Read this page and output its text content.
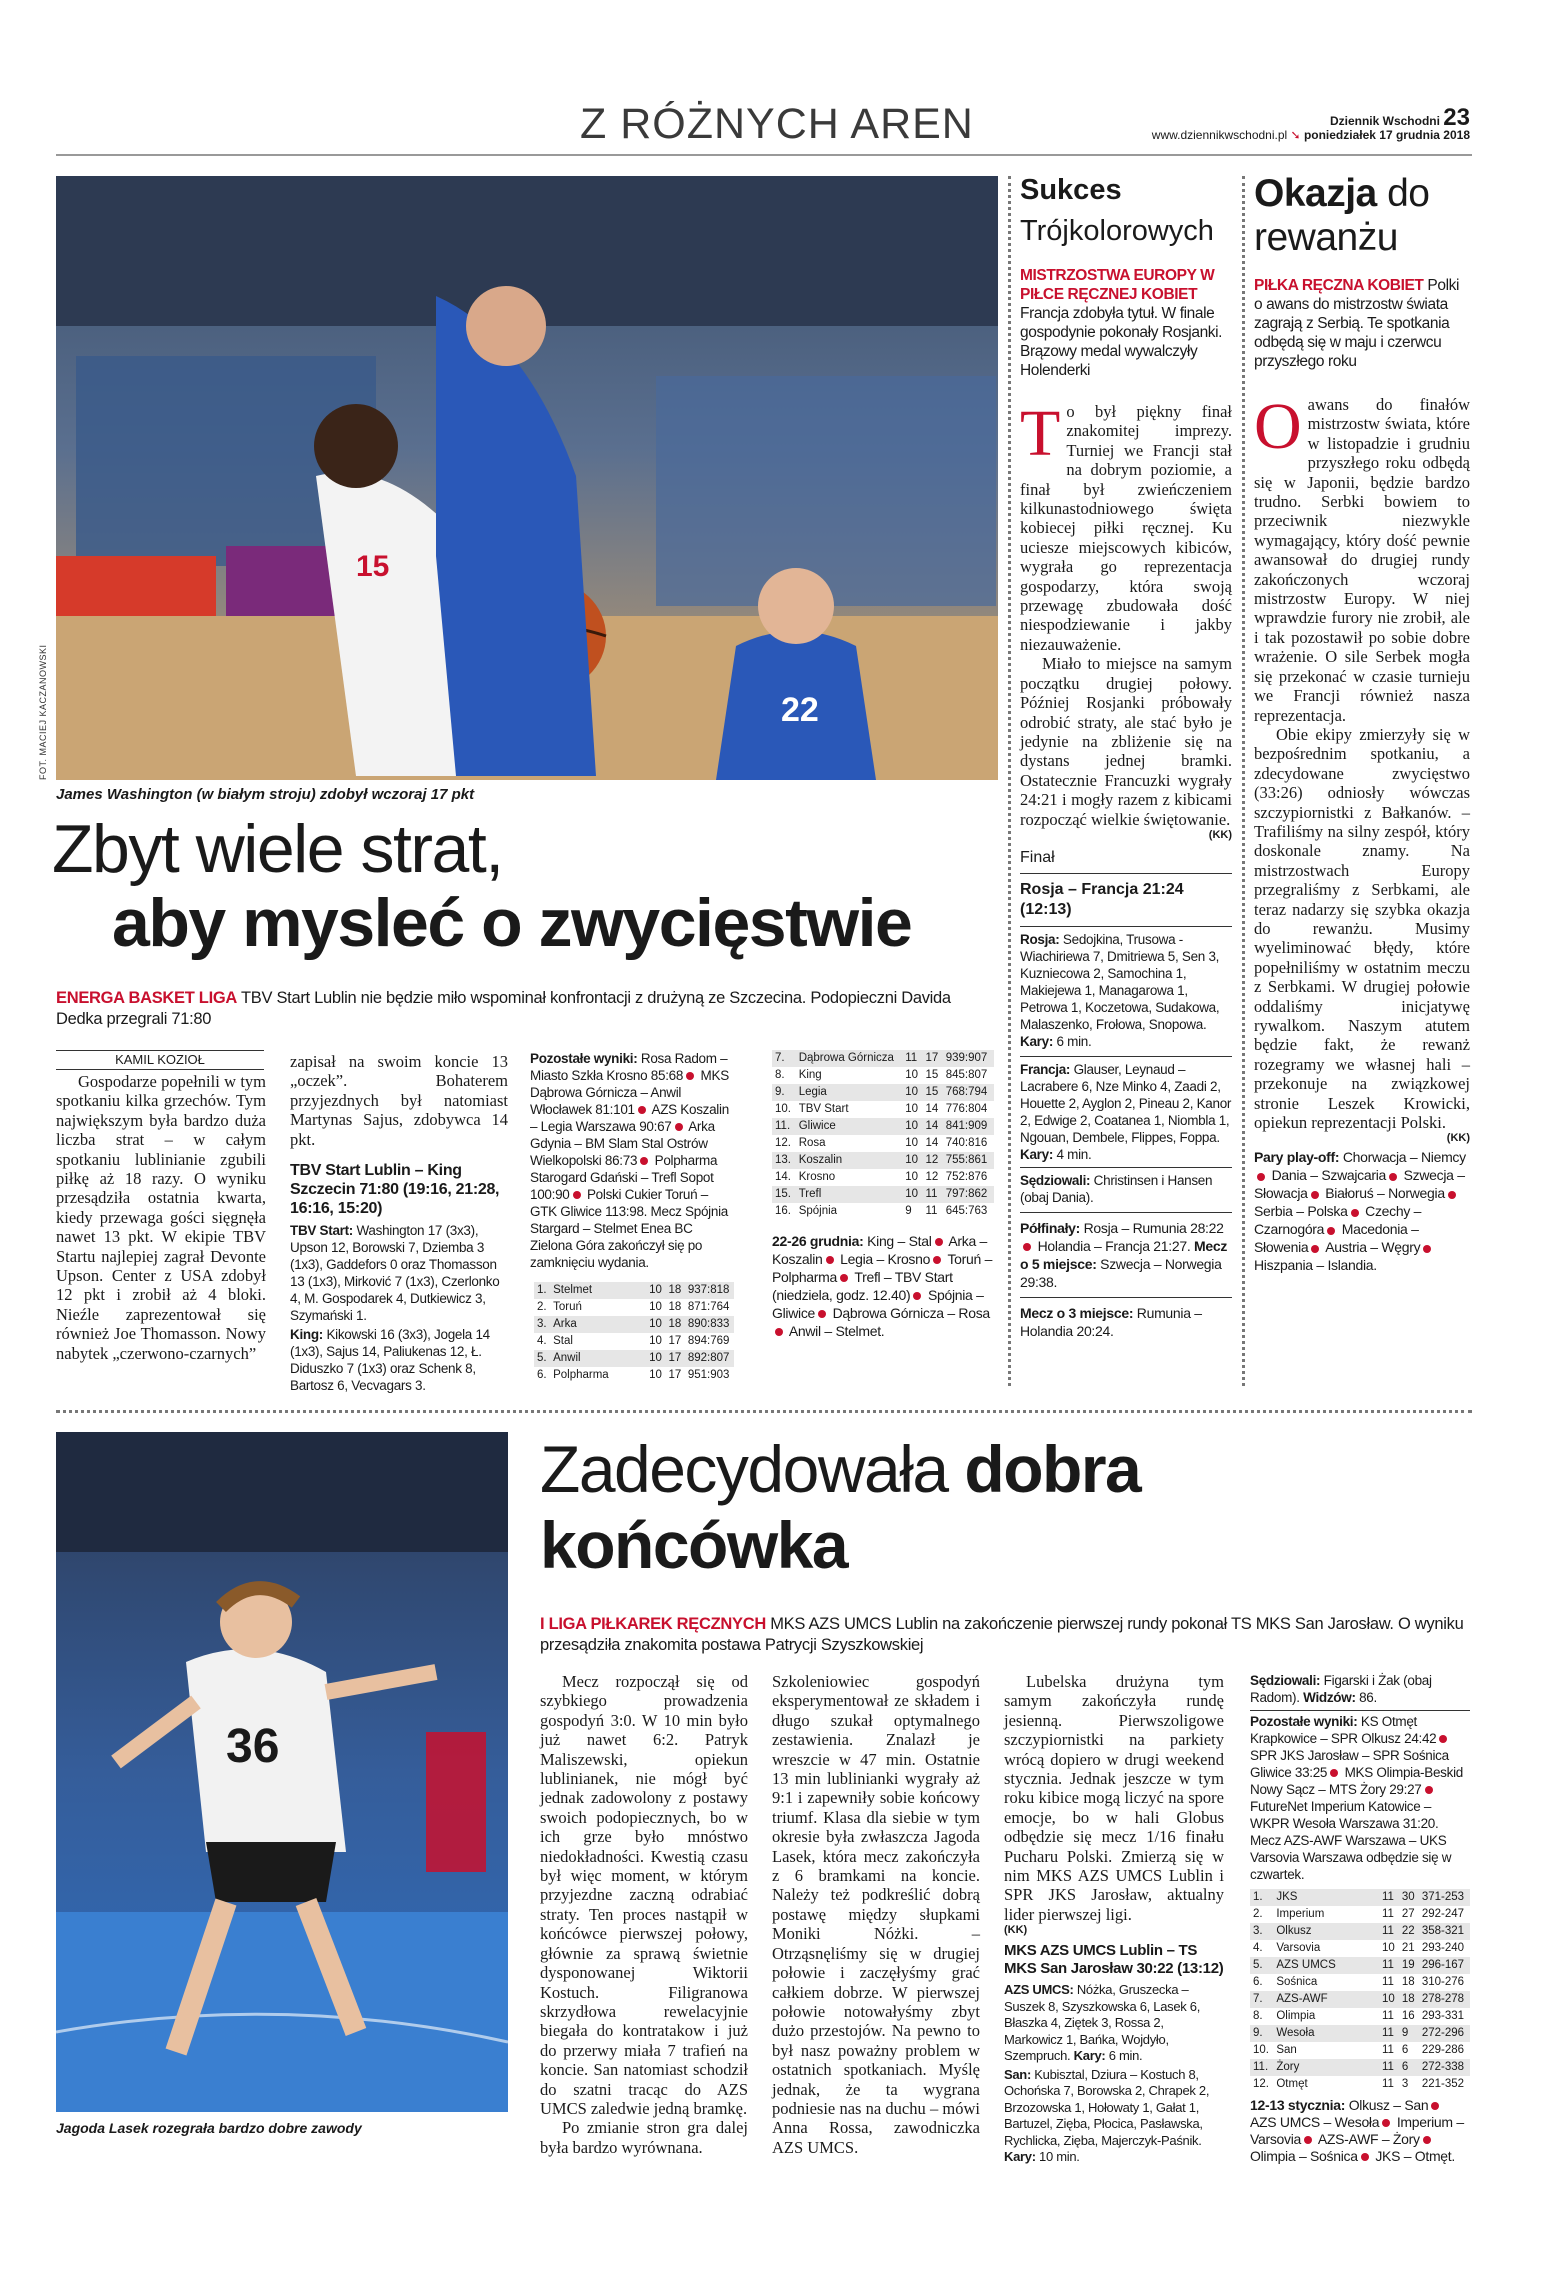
Z RÓŻNYCH AREN	Dziennik Wschodni 23
www.dziennikwschodni.pl ➘ poniedziałek 17 grudnia 2018
22
15
FOT. MACIEJ KACZANOWSKI
James Washington (w białym stroju) zdobył wczoraj 17 pkt
Zbyt wiele strat,
aby mysleć o zwycięstwie
ENERGA BASKET LIGA TBV Start Lublin nie będzie miło wspominał konfrontacji z drużyną ze Szczecina. Podopieczni Davida Dedka przegrali 71:80
KAMIL KOZIOŁ

Gospodarze popełnili w tym spotkaniu kilka grzechów. Tym największym była bardzo duża liczba strat – w całym spotkaniu lublinianie zgubili piłkę aż 18 razy. O wyniku przesądziła ostatnia kwarta, kiedy przewaga gości sięgnęła nawet 13 pkt. W ekipie TBV Startu najlepiej zagrał Devonte Upson. Center z USA zdobył 12 pkt i zrobił aż 4 bloki. Nieźle zaprezentował się również Joe Thomasson. Nowy nabytek „czerwono-czarnych”

zapisał na swoim koncie 13 „oczek”. Bohaterem przyjezdnych był natomiast Martynas Sajus, zdobywca 14 pkt.

TBV Start Lublin – King Szczecin 71:80 (19:16, 21:28, 16:16, 15:20)
TBV Start: Washington 17 (3x3), Upson 12, Borowski 7, Dziemba 3 (1x3), Gaddefors 0 oraz Thomasson 13 (1x3), Mirković 7 (1x3), Czerlonko 4, M. Gospodarek 4, Dutkiewicz 3, Szymański 1.
King: Kikowski 16 (3x3), Jogela 14 (1x3), Sajus 14, Paliukenas 12, Ł. Diduszko 7 (1x3) oraz Schenk 8, Bartosz 6, Vecvagars 3.
Pozostałe wyniki: Rosa Radom – Miasto Szkła Krosno 85:68 MKS Dąbrowa Górnicza – Anwil Włocławek 81:101 AZS Koszalin – Legia Warszawa 90:67 Arka Gdynia – BM Slam Stal Ostrów Wielkopolski 86:73 Polpharma Starogard Gdański – Trefl Sopot 100:90 Polski Cukier Toruń – GTK Gliwice 113:98. Mecz Spójnia Stargard – Stelmet Enea BC Zielona Góra zakończył się po zamknięciu wydania.
1.	Stelmet	10	18	937:818
2.	Toruń	10	18	871:764
3.	Arka	10	18	890:833
4.	Stal	10	17	894:769
5.	Anwil	10	17	892:807
6.	Polpharma	10	17	951:903
7.	Dąbrowa Górnicza	11	17	939:907
8.	King	10	15	845:807
9.	Legia	10	15	768:794
10.	TBV Start	10	14	776:804
11.	Gliwice	10	14	841:909
12.	Rosa	10	14	740:816
13.	Koszalin	10	12	755:861
14.	Krosno	10	12	752:876
15.	Trefl	10	11	797:862
16.	Spójnia	9	11	645:763
22-26 grudnia: King – Stal Arka – Koszalin Legia – Krosno Toruń – Polpharma Trefl – TBV Start (niedziela, godz. 12.40) Spójnia – Gliwice Dąbrowa Górnicza – Rosa Anwil – Stelmet.
Sukces
Trójkolorowych
MISTRZOSTWA EUROPY W PIŁCE RĘCZNEJ KOBIET Francja zdobyła tytuł. W finale gospodynie pokonały Rosjanki. Brązowy medal wywalczyły Holenderki

To był piękny finał znakomitej imprezy. Turniej we Francji stał na dobrym poziomie, a finał był zwieńczeniem kilkunastodniowego święta kobiecej piłki ręcznej. Ku uciesze miejscowych kibiców, wygrała go reprezentacja gospodarzy, która swoją przewagę zbudowała dość niespodziewanie i jakby niezauważenie.

Miało to miejsce na samym początku drugiej połowy. Później Rosjanki próbowały odrobić straty, ale stać było je jedynie na zbliżenie się na dystans jednej bramki. Ostatecznie Francuzki wygrały 24:21 i mogły razem z kibicami rozpocząć wielkie świętowanie.

(KK)
Finał
Rosja – Francja 21:24 (12:13)
Rosja: Sedojkina, Trusowa - Wiachiriewa 7, Dmitriewa 5, Sen 3, Kuzniecowa 2, Samochina 1, Makiejewa 1, Managarowa 1, Petrowa 1, Koczetowa, Sudakowa, Malaszenko, Frołowa, Snopowa. Kary: 6 min.
Francja: Glauser, Leynaud – Lacrabere 6, Nze Minko 4, Zaadi 2, Houette 2, Ayglon 2, Pineau 2, Kanor 2, Edwige 2, Coatanea 1, Niombla 1, Ngouan, Dembele, Flippes, Foppa. Kary: 4 min.
Sędziowali: Christinsen i Hansen (obaj Dania).
Półfinały: Rosja – Rumunia 28:22 Holandia – Francja 21:27. Mecz o 5 miejsce: Szwecja – Norwegia 29:38.
Mecz o 3 miejsce: Rumunia – Holandia 20:24.
Okazja do rewanżu
PIŁKA RĘCZNA KOBIET Polki o awans do mistrzostw świata zagrają z Serbią. Te spotkania odbędą się w maju i czerwcu przyszłego roku

Oawans do finałów mistrzostw świata, które w listopadzie i grudniu przyszłego roku odbędą się w Japonii, będzie bardzo trudno. Serbki bowiem to przeciwnik niezwykle wymagający, który dość pewnie awansował do drugiej rundy zakończonych wczoraj mistrzostw Europy. W niej wprawdzie furory nie zrobił, ale i tak pozostawił po sobie dobre wrażenie. O sile Serbek mogła się przekonać w czasie turnieju we Francji również nasza reprezentacja.

Obie ekipy zmierzyły się w bezpośrednim spotkaniu, a zdecydowane zwycięstwo (33:26) odniosły wówczas szczypiornistki z Bałkanów. – Trafiliśmy na silny zespół, który doskonale znamy. Na mistrzostwach Europy przegraliśmy z Serbkami, ale teraz nadarzy się szybka okazja do rewanżu. Musimy wyeliminować błędy, które popełniliśmy w ostatnim meczu z Serbkami. W drugiej połowie oddaliśmy inicjatywę rywalkom. Naszym atutem będzie fakt, że rewanż rozegramy we własnej hali – przekonuje na związkowej stronie Leszek Krowicki, opiekun reprezentacji Polski.

(KK)
Pary play-off: Chorwacja – Niemcy Dania – Szwajcaria Szwecja – Słowacja Białoruś – Norwegia Serbia – Polska Czechy – Czarnogóra Macedonia – Słowenia Austria – Węgry Hiszpania – Islandia.
36
Jagoda Lasek rozegrała bardzo dobre zawody
Zadecydowała dobra
końcówka
I LIGA PIŁKAREK RĘCZNYCH MKS AZS UMCS Lublin na zakończenie pierwszej rundy pokonał TS MKS San Jarosław. O wyniku przesądziła znakomita postawa Patrycji Szyszkowskiej

Mecz rozpoczął się od szybkiego prowadzenia gospodyń 3:0. W 10 min było już nawet 6:2. Patryk Maliszewski, opiekun lublinianek, nie mógł być jednak zadowolony z postawy swoich podopiecznych, bo w ich grze było mnóstwo niedokładności. Kwestią czasu był więc moment, w którym przyjezdne zaczną odrabiać straty. Ten proces nastąpił w końcówce pierwszej połowy, głównie za sprawą świetnie dysponowanej Wiktorii Kostuch. Filigranowa skrzydłowa rewelacyjnie biegała do kontratakow i już do przerwy miała 7 trafień na koncie. San natomiast schodził do szatni tracąc do AZS UMCS zaledwie jedną bramkę.

Po zmianie stron gra dalej była bardzo wyrównana.

Szkoleniowiec gospodyń eksperymentował ze składem i długo szukał optymalnego zestawienia. Znalazł je wreszcie w 47 min. Ostatnie 13 min lublinianki wygrały aż 9:1 i zapewniły sobie końcowy triumf. Klasa dla siebie w tym okresie była zwłaszcza Jagoda Lasek, która mecz zakończyła z 6 bramkami na koncie. Należy też podkreślić dobrą postawę między słupkami Moniki Nóżki. – Otrząsnęliśmy się w drugiej połowie i zaczęłyśmy grać całkiem dobrze. W pierwszej połowie notowałyśmy zbyt dużo przestojów. Na pewno to był nasz poważny problem w ostatnich spotkaniach. Myślę jednak, że ta wygrana podniesie nas na duchu – mówi Anna Rossa, zawodniczka AZS UMCS.

Lubelska drużyna tym samym zakończyła rundę jesienną. Pierwszoligowe szczypiornistki na parkiety wrócą dopiero w drugi weekend stycznia. Jednak jeszcze w tym roku kibice mogą liczyć na spore emocje, bo w hali Globus odbędzie się mecz 1/16 finału Pucharu Polski. Zmierzą się w nim MKS AZS UMCS Lublin i SPR JKS Jarosław, aktualny lider pierwszej ligi.

(KK)
MKS AZS UMCS Lublin – TS MKS San Jarosław 30:22 (13:12)
AZS UMCS: Nóżka, Gruszecka – Suszek 8, Szyszkowska 6, Lasek 6, Błaszka 4, Ziętek 3, Rossa 2, Markowicz 1, Bańka, Wojdyło, Szempruch. Kary: 6 min.
San: Kubisztal, Dziura – Kostuch 8, Ochońska 7, Borowska 2, Chrapek 2, Brzozowska 1, Hołowaty 1, Gałat 1, Bartuzel, Zięba, Płocica, Pasławska, Rychlicka, Zięba, Majerczyk-Paśnik. Kary: 10 min.
Sędziowali: Figarski i Żak (obaj Radom). Widzów: 86.
Pozostałe wyniki: KS Otmęt Krapkowice – SPR Olkusz 24:42 SPR JKS Jarosław – SPR Sośnica Gliwice 33:25 MKS Olimpia-Beskid Nowy Sącz – MTS Żory 29:27 FutureNet Imperium Katowice – WKPR Wesoła Warszawa 31:20. Mecz AZS-AWF Warszawa – UKS Varsovia Warszawa odbędzie się w czwartek.
1.	JKS	11	30	371-253
2.	Imperium	11	27	292-247
3.	Olkusz	11	22	358-321
4.	Varsovia	10	21	293-240
5.	AZS UMCS	11	19	296-167
6.	Sośnica	11	18	310-276
7.	AZS-AWF	10	18	278-278
8.	Olimpia	11	16	293-331
9.	Wesoła	11	9	272-296
10.	San	11	6	229-286
11.	Żory	11	6	272-338
12.	Otmęt	11	3	221-352
12-13 stycznia: Olkusz – San AZS UMCS – Wesoła Imperium – Varsovia AZS-AWF – Żory Olimpia – Sośnica JKS – Otmęt.
